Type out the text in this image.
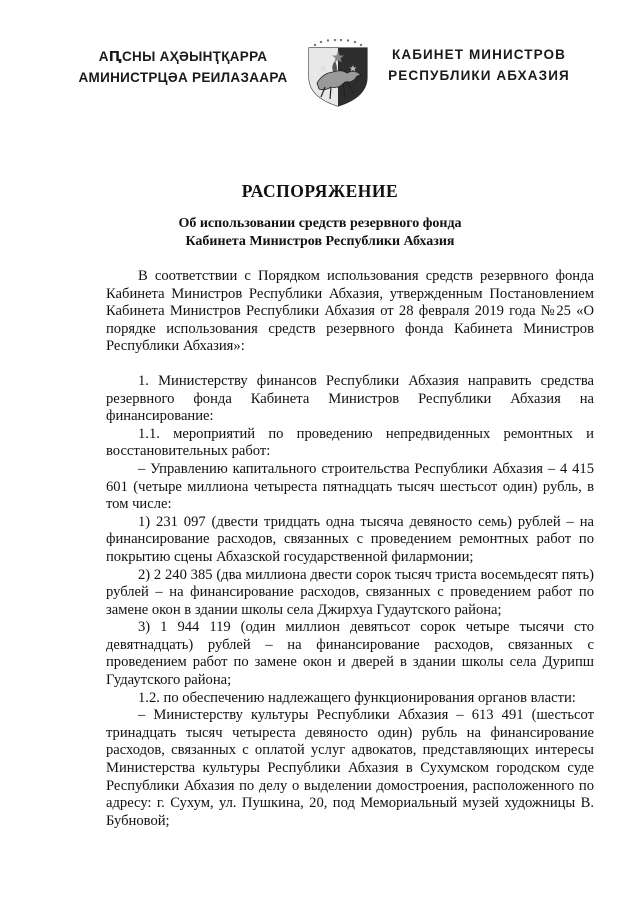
АԤСНЫ АҲӘЫНҬҚАРРА
АМИНИСТРЦӘА РЕИЛАЗААРА
КАБИНЕТ МИНИСТРОВ
РЕСПУБЛИКИ АБХАЗИЯ
РАСПОРЯЖЕНИЕ
Об использовании средств резервного фонда
Кабинета Министров Республики Абхазия

В соответствии с Порядком использования средств резервного фонда Кабинета Министров Республики Абхазия, утвержденным Постановлением Кабинета Министров Республики Абхазия от 28 февраля 2019 года №25 «О порядке использования средств резервного фонда Кабинета Министров Республики Абхазия»:

1. Министерству финансов Республики Абхазия направить средства резервного фонда Кабинета Министров Республики Абхазия на финансирование:

1.1. мероприятий по проведению непредвиденных ремонтных и восстановительных работ:

– Управлению капитального строительства Республики Абхазия – 4 415 601 (четыре миллиона четыреста пятнадцать тысяч шестьсот один) рубль, в том числе:

1) 231 097 (двести тридцать одна тысяча девяносто семь) рублей – на финансирование расходов, связанных с проведением ремонтных работ по покрытию сцены Абхазской государственной филармонии;

2) 2 240 385 (два миллиона двести сорок тысяч триста восемьдесят пять) рублей – на финансирование расходов, связанных с проведением работ по замене окон в здании школы села Джирхуа Гудаутского района;

3) 1 944 119 (один миллион девятьсот сорок четыре тысячи сто девятнадцать) рублей – на финансирование расходов, связанных с проведением работ по замене окон и дверей в здании школы села Дурипш Гудаутского района;

1.2. по обеспечению надлежащего функционирования органов власти:

– Министерству культуры Республики Абхазия – 613 491 (шестьсот тринадцать тысяч четыреста девяносто один) рубль на финансирование расходов, связанных с оплатой услуг адвокатов, представляющих интересы Министерства культуры Республики Абхазия в Сухумском городском суде Республики Абхазия по делу о выделении домостроения, расположенного по адресу: г. Сухум, ул. Пушкина, 20, под Мемориальный музей художницы В. Бубновой;
